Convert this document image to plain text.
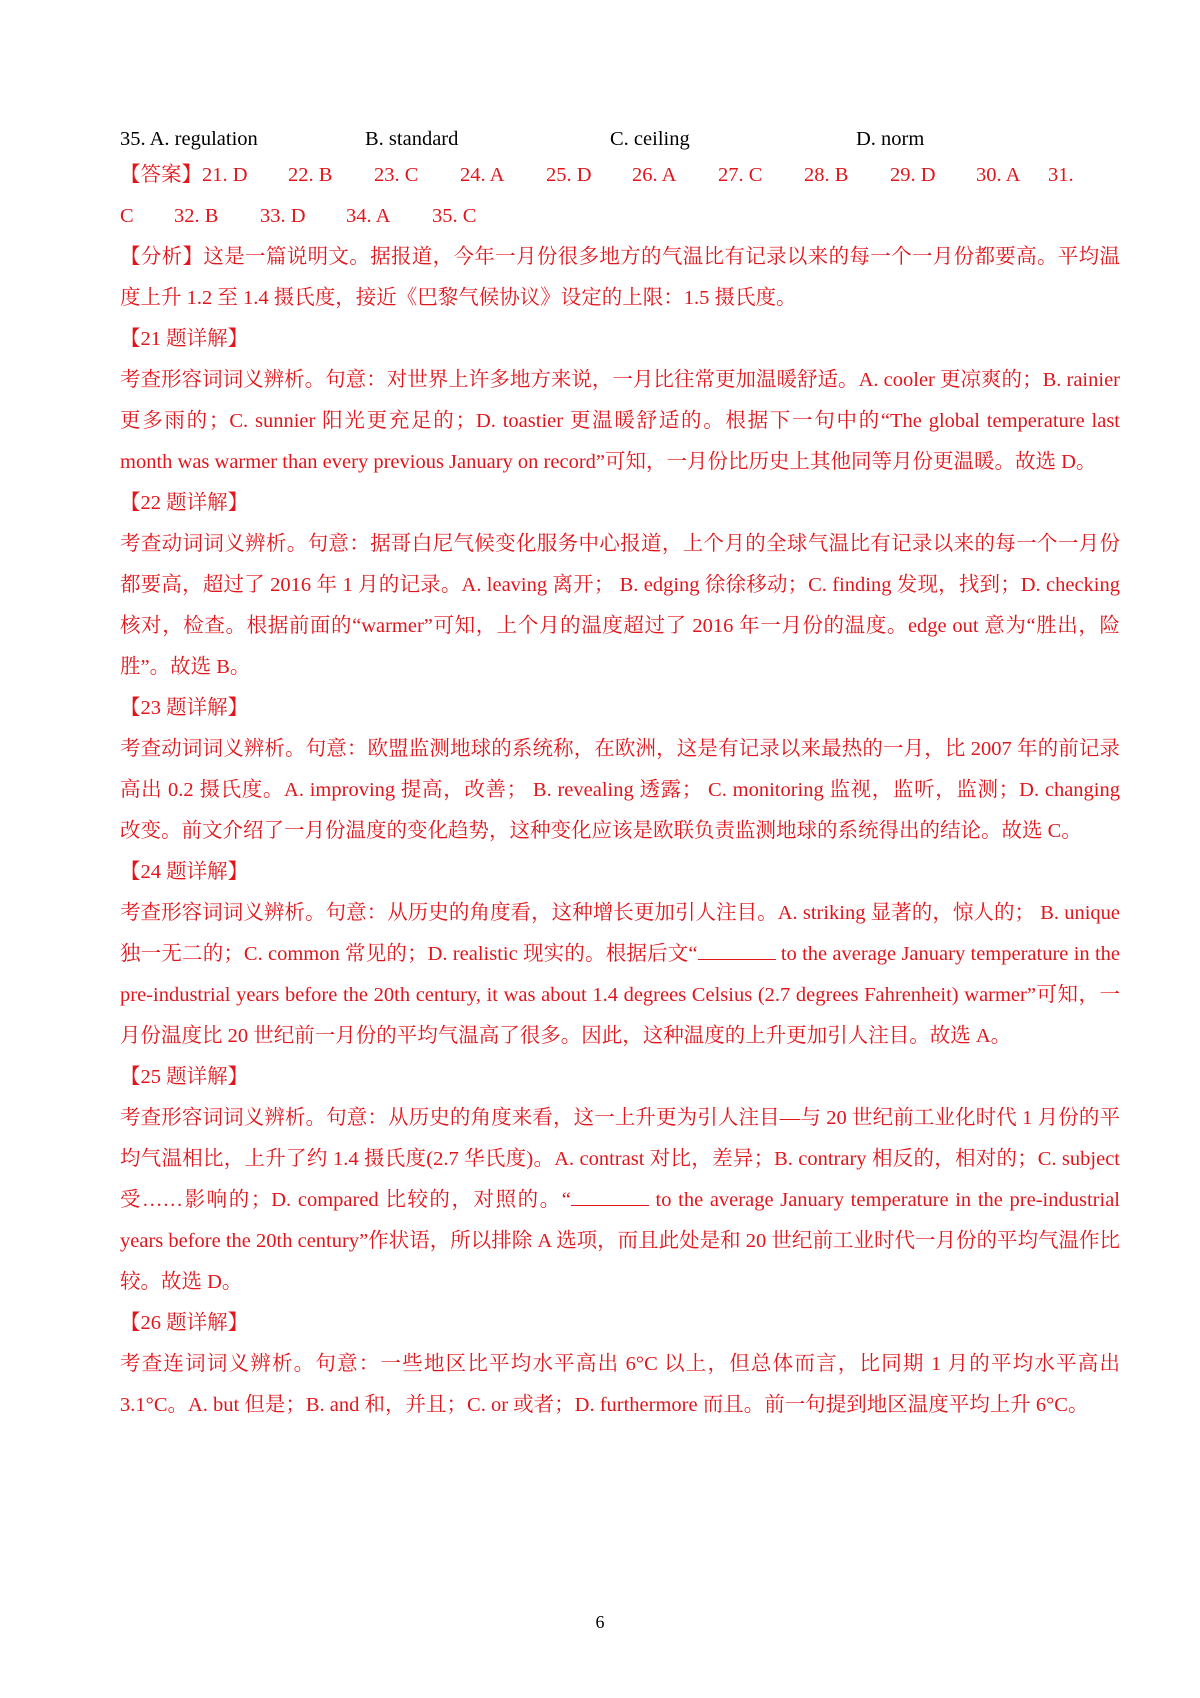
35. A. regulation	B. standard	C. ceiling	D. norm
【答案】 21. D	22. B	23. C	24. A	25. D	26. A	27. C	28. B	29. D	30. A	31.
C	32. B	33. D	34. A	35. C

【分析】这是一篇说明文。据报道，今年一月份很多地方的气温比有记录以来的每一个一月份都要高。平均温度上升 1.2 至 1.4 摄氏度，接近《巴黎气候协议》设定的上限：1.5 摄氏度。

【21 题详解】

考查形容词词义辨析。句意：对世界上许多地方来说，一月比往常更加温暖舒适。A. cooler 更凉爽的；B. rainier 更多雨的；C. sunnier 阳光更充足的；D. toastier 更温暖舒适的。根据下一句中的“The global temperature last month was warmer than every previous January on record”可知，一月份比历史上其他同等月份更温暖。故选 D。

【22 题详解】

考查动词词义辨析。句意：据哥白尼气候变化服务中心报道，上个月的全球气温比有记录以来的每一个一月份都要高，超过了 2016 年 1 月的记录。A. leaving 离开； B. edging 徐徐移动；C. finding 发现，找到；D. checking 核对，检查。根据前面的“warmer”可知，上个月的温度超过了 2016 年一月份的温度。edge out 意为“胜出，险胜”。故选 B。

【23 题详解】

考查动词词义辨析。句意：欧盟监测地球的系统称，在欧洲，这是有记录以来最热的一月，比 2007 年的前记录高出 0.2 摄氏度。A. improving 提高，改善； B. revealing 透露； C. monitoring 监视，监听，监测；D. changing 改变。前文介绍了一月份温度的变化趋势，这种变化应该是欧联负责监测地球的系统得出的结论。故选 C。

【24 题详解】

考查形容词词义辨析。句意：从历史的角度看，这种增长更加引人注目。A. striking 显著的，惊人的； B. unique 独一无二的；C. common 常见的；D. realistic 现实的。根据后文“	to the average January temperature in the pre-industrial years before the 20th century, it was about 1.4 degrees Celsius (2.7 degrees Fahrenheit) warmer”可知，一月份温度比 20 世纪前一月份的平均气温高了很多。因此，这种温度的上升更加引人注目。故选 A。

【25 题详解】

考查形容词词义辨析。句意：从历史的角度来看，这一上升更为引人注目—与 20 世纪前工业化时代 1 月份的平均气温相比，上升了约 1.4 摄氏度(2.7 华氏度)。A. contrast 对比，差异；B. contrary 相反的，相对的；C. subject 受……影响的；D. compared 比较的，对照的。“	to the average January temperature in the pre-industrial years before the 20th century”作状语，所以排除 A 选项，而且此处是和 20 世纪前工业时代一月份的平均气温作比较。故选 D。

【26 题详解】

考查连词词义辨析。句意：一些地区比平均水平高出 6°C 以上，但总体而言，比同期 1 月的平均水平高出 3.1°C。A. but 但是；B. and 和，并且；C. or 或者；D. furthermore 而且。前一句提到地区温度平均上升 6°C。

6
